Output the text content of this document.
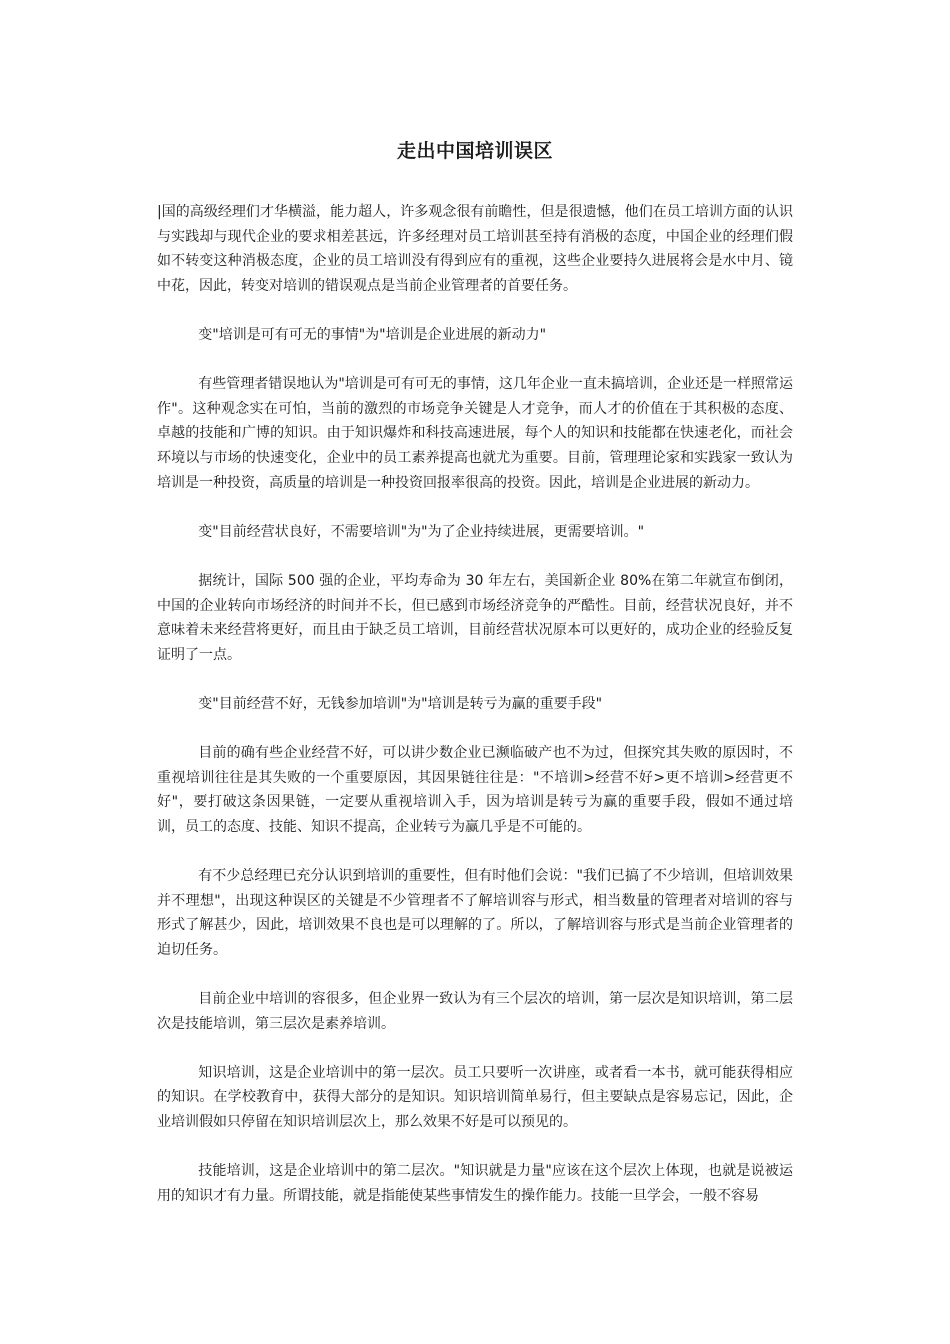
走出中国培训误区

|国的高级经理们才华横溢，能力超人，许多观念很有前瞻性，但是很遗憾，他们在员工培训方面的认识与实践却与现代企业的要求相差甚远，许多经理对员工培训甚至持有消极的态度，中国企业的经理们假如不转变这种消极态度，企业的员工培训没有得到应有的重视，这些企业要持久进展将会是水中月、镜中花，因此，转变对培训的错误观点是当前企业管理者的首要任务。

变"培训是可有可无的事情"为"培训是企业进展的新动力"

有些管理者错误地认为"培训是可有可无的事情，这几年企业一直未搞培训，企业还是一样照常运作"。这种观念实在可怕，当前的激烈的市场竞争关键是人才竞争，而人才的价值在于其积极的态度、卓越的技能和广博的知识。由于知识爆炸和科技高速进展，每个人的知识和技能都在快速老化，而社会环境以与市场的快速变化，企业中的员工素养提高也就尤为重要。目前，管理理论家和实践家一致认为培训是一种投资，高质量的培训是一种投资回报率很高的投资。因此，培训是企业进展的新动力。

变"目前经营状良好，不需要培训"为"为了企业持续进展，更需要培训。"

据统计，国际 500 强的企业，平均寿命为 30 年左右，美国新企业 80%在第二年就宣布倒闭，中国的企业转向市场经济的时间并不长，但已感到市场经济竞争的严酷性。目前，经营状况良好，并不意味着未来经营将更好，而且由于缺乏员工培训，目前经营状况原本可以更好的，成功企业的经验反复证明了一点。

变"目前经营不好，无钱参加培训"为"培训是转亏为赢的重要手段"

目前的确有些企业经营不好，可以讲少数企业已濒临破产也不为过，但探究其失败的原因时，不重视培训往往是其失败的一个重要原因，其因果链往往是："不培训>经营不好>更不培训>经营更不好"，要打破这条因果链，一定要从重视培训入手，因为培训是转亏为赢的重要手段，假如不通过培训，员工的态度、技能、知识不提高，企业转亏为赢几乎是不可能的。

有不少总经理已充分认识到培训的重要性，但有时他们会说："我们已搞了不少培训，但培训效果并不理想"，出现这种误区的关键是不少管理者不了解培训容与形式，相当数量的管理者对培训的容与形式了解甚少，因此，培训效果不良也是可以理解的了。所以，了解培训容与形式是当前企业管理者的迫切任务。

目前企业中培训的容很多，但企业界一致认为有三个层次的培训，第一层次是知识培训，第二层次是技能培训，第三层次是素养培训。

知识培训，这是企业培训中的第一层次。员工只要听一次讲座，或者看一本书，就可能获得相应的知识。在学校教育中，获得大部分的是知识。知识培训简单易行，但主要缺点是容易忘记，因此，企业培训假如只停留在知识培训层次上，那么效果不好是可以预见的。

技能培训，这是企业培训中的第二层次。"知识就是力量"应该在这个层次上体现，也就是说被运用的知识才有力量。所谓技能，就是指能使某些事情发生的操作能力。技能一旦学会，一般不容易
